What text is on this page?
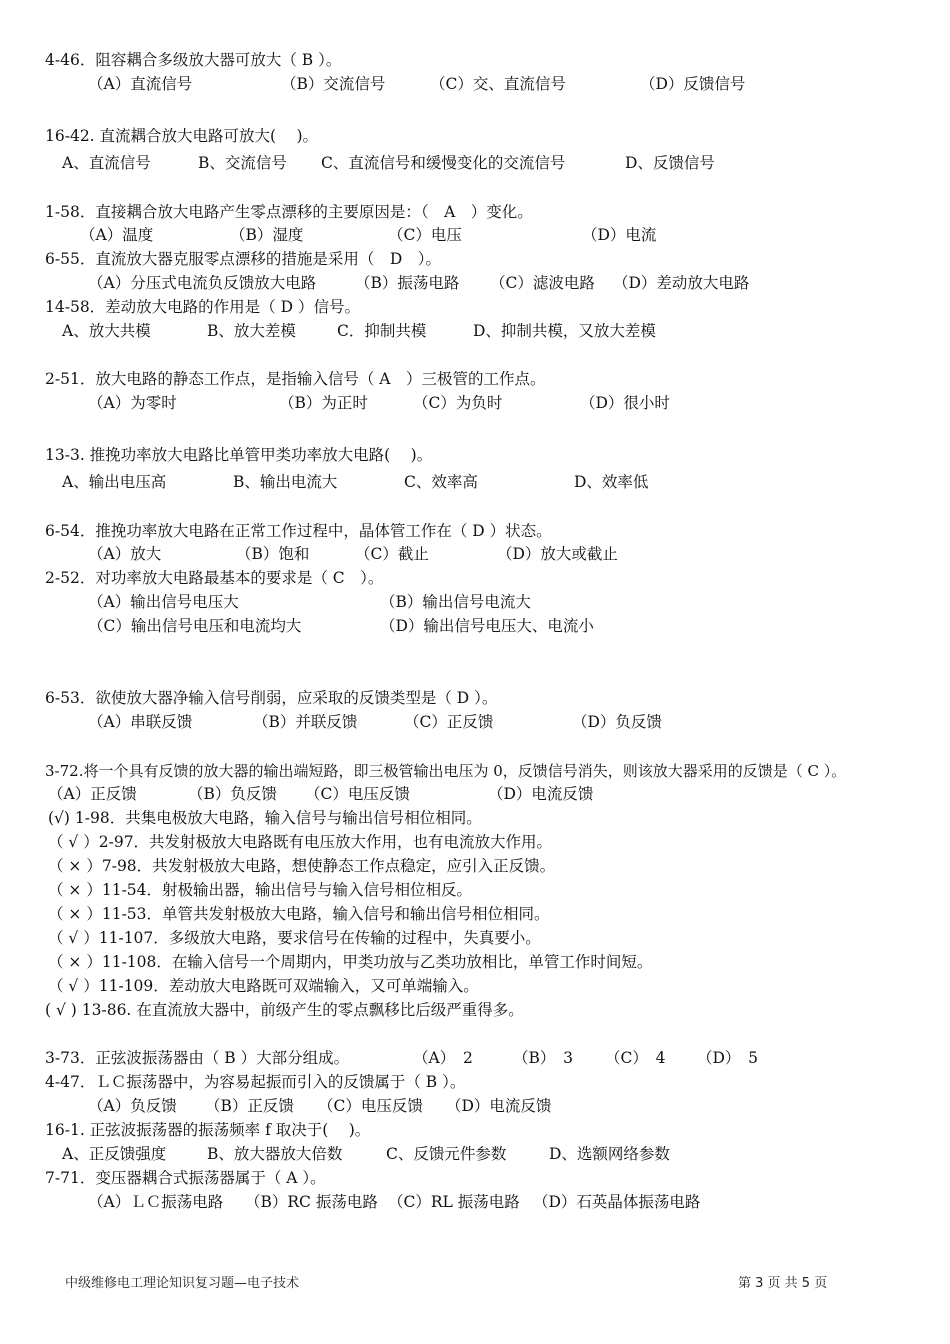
4-46．阻容耦合多级放大器可放大（ B ）。
（A）直流信号	（B）交流信号	（C）交、直流信号	（D）反馈信号
16-42. 直流耦合放大电路可放大(　 )。
A、直流信号	B、交流信号 C、直流信号和缓慢变化的交流信号	D、反馈信号
1-58．直接耦合放大电路产生零点漂移的主要原因是：（　A　）变化。
（A）温度	（B）湿度	（C）电压	（D）电流
6-55．直流放大器克服零点漂移的措施是采用（　D　）。
（A）分压式电流负反馈放大电路	（B）振荡电路 （C）滤波电路 （D）差动放大电路
14-58．差动放大电路的作用是（ D ）信号。
A、放大共模	B、放大差模	C．抑制共模	D、抑制共模，又放大差模
2-51．放大电路的静态工作点，是指输入信号（ A　）三极管的工作点。
（A）为零时	（B）为正时	（C）为负时	（D）很小时
13-3. 推挽功率放大电路比单管甲类功率放大电路(　 )。
A、输出电压高	B、输出电流大	C、效率高	D、效率低
6-54．推挽功率放大电路在正常工作过程中，晶体管工作在（ D ）状态。
（A）放大	（B）饱和	（C）截止	（D）放大或截止
2-52．对功率放大电路最基本的要求是（ C　）。
（A）输出信号电压大	（B）输出信号电流大
（C）输出信号电压和电流均大	（D）输出信号电压大、电流小
6-53．欲使放大器净输入信号削弱，应采取的反馈类型是（ D ）。
（A）串联反馈	（B）并联反馈	（C）正反馈	（D）负反馈
3-72.将一个具有反馈的放大器的输出端短路，即三极管输出电压为 0，反馈信号消失，则该放大器采用的反馈是（ C ）。
（A）正反馈	（B）负反馈 （C）电压反馈	（D）电流反馈
(√) 1-98．共集电极放大电路，输入信号与输出信号相位相同。
（ √ ）2-97．共发射极放大电路既有电压放大作用，也有电流放大作用。
（ × ）7-98．共发射极放大电路，想使静态工作点稳定，应引入正反馈。
（ × ）11-54．射极输出器，输出信号与输入信号相位相反。
（ × ）11-53．单管共发射极放大电路，输入信号和输出信号相位相同。
（ √ ）11-107．多级放大电路，要求信号在传输的过程中，失真要小。
（ × ）11-108．在输入信号一个周期内，甲类功放与乙类功放相比，单管工作时间短。
（ √ ）11-109．差动放大电路既可双端输入，又可单端输入。
( √ ) 13-86. 在直流放大器中，前级产生的零点飘移比后级严重得多。
3-73．正弦波振荡器由（ B ）大部分组成。	（A）　2	（B）　3 （C）　4 （D）　5
4-47．ＬＣ振荡器中，为容易起振而引入的反馈属于（ B ）。
（A）负反馈 （B）正反馈 （C）电压反馈 （D）电流反馈
16-1. 正弦波振荡器的振荡频率 f 取决于(　 )。
A、正反馈强度	B、放大器放大倍数	C、反馈元件参数	D、选额网络参数
7-71．变压器耦合式振荡器属于（ A ）。
（A）ＬＣ振荡电路 （B）RC 振荡电路 （C）RL 振荡电路 （D）石英晶体振荡电路
中级维修电工理论知识复习题—电子技术	第 3 页 共 5 页
